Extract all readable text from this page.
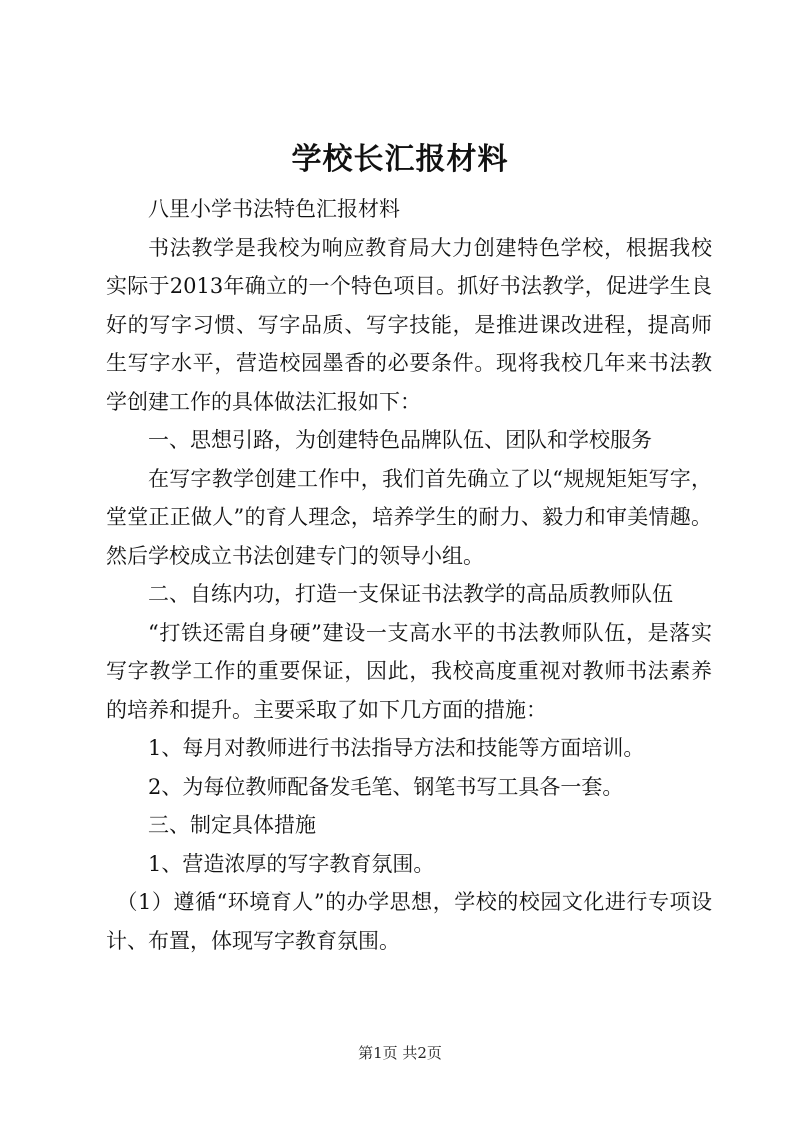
学校长汇报材料

八里小学书法特色汇报材料

书法教学是我校为响应教育局大力创建特色学校，根据我校实际于2013年确立的一个特色项目。抓好书法教学，促进学生良好的写字习惯、写字品质、写字技能，是推进课改进程，提高师生写字水平，营造校园墨香的必要条件。现将我校几年来书法教学创建工作的具体做法汇报如下：

一、思想引路，为创建特色品牌队伍、团队和学校服务

在写字教学创建工作中，我们首先确立了以“规规矩矩写字，堂堂正正做人”的育人理念，培养学生的耐力、毅力和审美情趣。然后学校成立书法创建专门的领导小组。

二、自练内功，打造一支保证书法教学的高品质教师队伍

“打铁还需自身硬”建设一支高水平的书法教师队伍，是落实写字教学工作的重要保证，因此，我校高度重视对教师书法素养的培养和提升。主要采取了如下几方面的措施：

1、每月对教师进行书法指导方法和技能等方面培训。

2、为每位教师配备发毛笔、钢笔书写工具各一套。

三、制定具体措施

1、营造浓厚的写字教育氛围。

（1）遵循“环境育人”的办学思想，学校的校园文化进行专项设计、布置，体现写字教育氛围。

第1页 共2页
